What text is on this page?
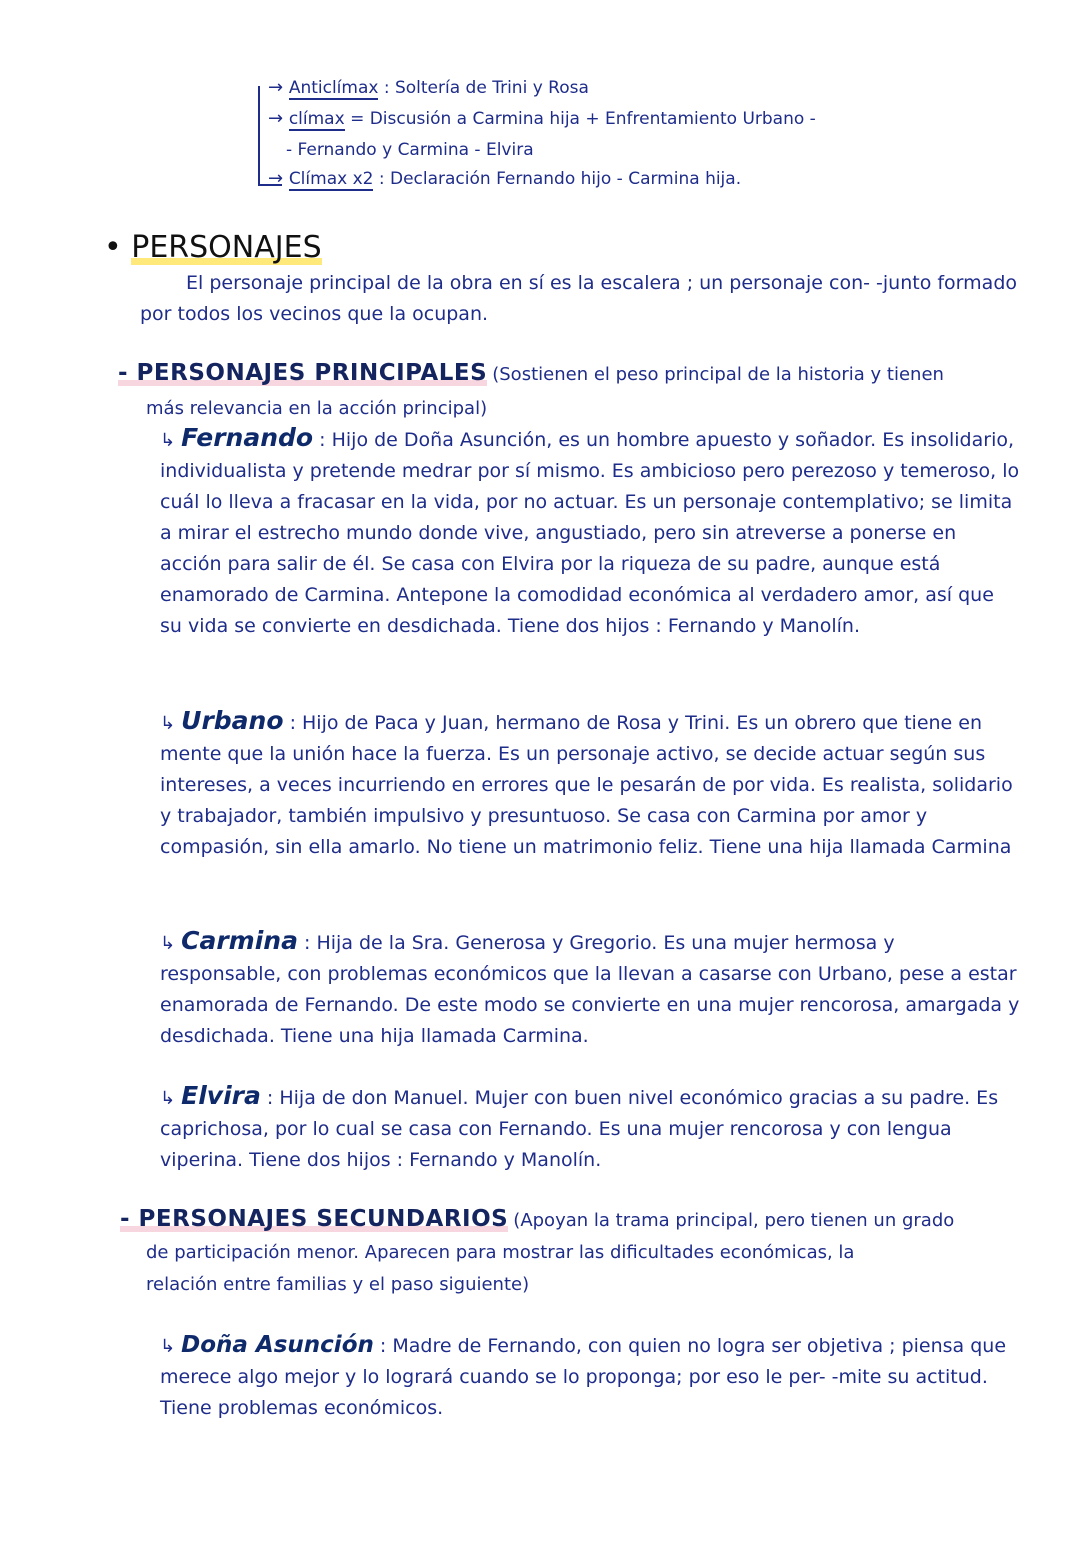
→ Anticlímax : Soltería de Trini y Rosa
→ clímax = Discusión a Carmina hija + Enfrentamiento Urbano -
- Fernando y Carmina - Elvira
→ Clímax x2 : Declaración Fernando hijo - Carmina hija.
• PERSONAJES
El personaje principal de la obra en sí es la escalera ; un personaje con- -junto formado por todos los vecinos que la ocupan.
- PERSONAJES PRINCIPALES (Sostienen el peso principal de la historia y tienen
más relevancia en la acción principal)
↳ Fernando : Hijo de Doña Asunción, es un hombre apuesto y soñador. Es insolidario, individualista y pretende medrar por sí mismo. Es ambicioso pero perezoso y temeroso, lo cuál lo lleva a fracasar en la vida, por no actuar. Es un personaje contemplativo; se limita a mirar el estrecho mundo donde vive, angustiado, pero sin atreverse a ponerse en acción para salir de él. Se casa con Elvira por la riqueza de su padre, aunque está enamorado de Carmina. Antepone la comodidad económica al verdadero amor, así que su vida se convierte en desdichada. Tiene dos hijos : Fernando y Manolín.
↳ Urbano : Hijo de Paca y Juan, hermano de Rosa y Trini. Es un obrero que tiene en mente que la unión hace la fuerza. Es un personaje activo, se decide actuar según sus intereses, a veces incurriendo en errores que le pesarán de por vida. Es realista, solidario y trabajador, también impulsivo y presuntuoso. Se casa con Carmina por amor y compasión, sin ella amarlo. No tiene un matrimonio feliz. Tiene una hija llamada Carmina
↳ Carmina : Hija de la Sra. Generosa y Gregorio. Es una mujer hermosa y responsable, con problemas económicos que la llevan a casarse con Urbano, pese a estar enamorada de Fernando. De este modo se convierte en una mujer rencorosa, amargada y desdichada. Tiene una hija llamada Carmina.
↳ Elvira : Hija de don Manuel. Mujer con buen nivel económico gracias a su padre. Es caprichosa, por lo cual se casa con Fernando. Es una mujer rencorosa y con lengua viperina. Tiene dos hijos : Fernando y Manolín.
- PERSONAJES SECUNDARIOS (Apoyan la trama principal, pero tienen un grado
de participación menor. Aparecen para mostrar las dificultades económicas, la
relación entre familias y el paso siguiente)
↳ Doña Asunción : Madre de Fernando, con quien no logra ser objetiva ; piensa que merece algo mejor y lo logrará cuando se lo proponga; por eso le per- -mite su actitud. Tiene problemas económicos.
